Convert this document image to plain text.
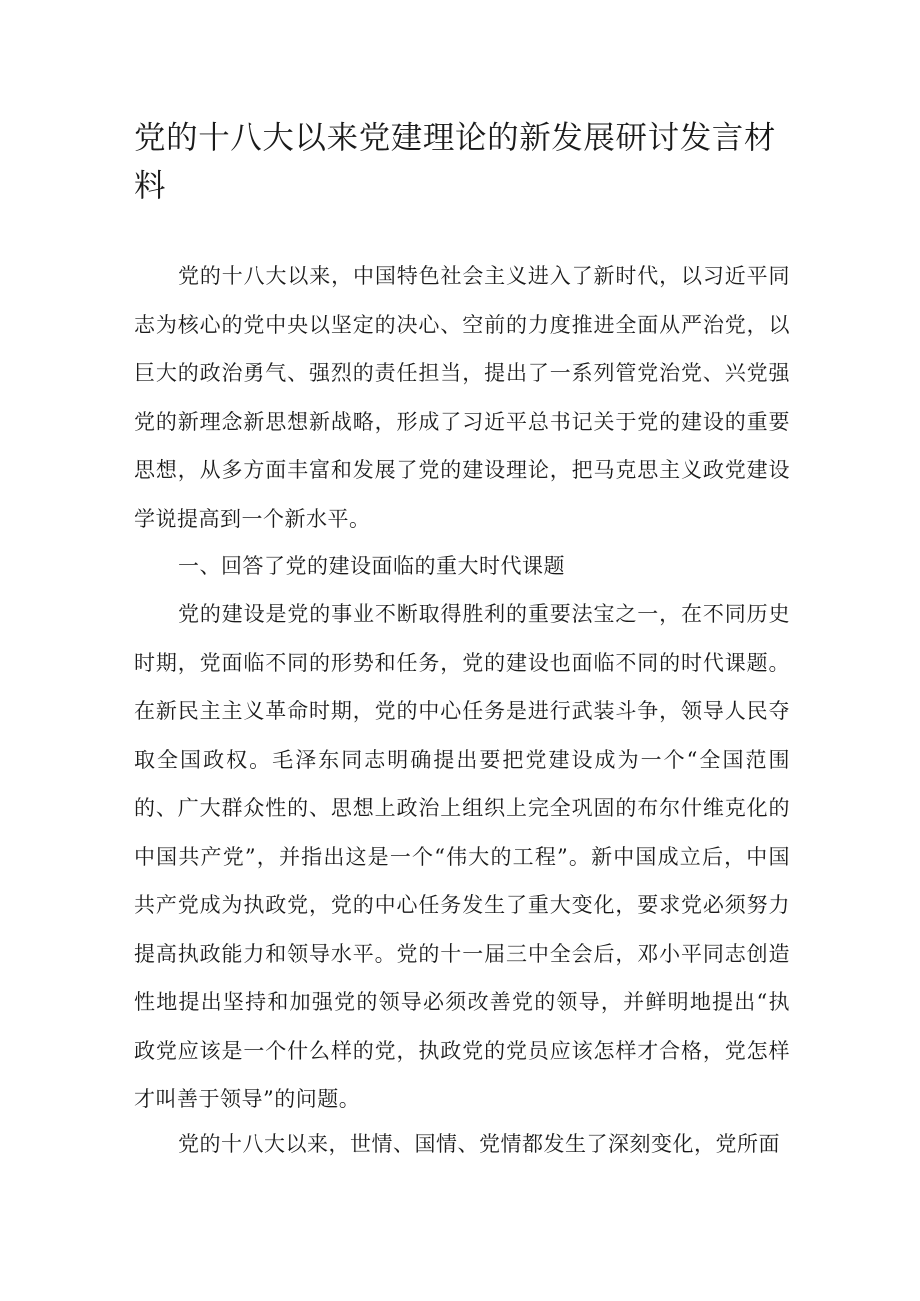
党的十八大以来党建理论的新发展研讨发言材料

党的十八大以来，中国特色社会主义进入了新时代，以习近平同志为核心的党中央以坚定的决心、空前的力度推进全面从严治党，以巨大的政治勇气、强烈的责任担当，提出了一系列管党治党、兴党强党的新理念新思想新战略，形成了习近平总书记关于党的建设的重要思想，从多方面丰富和发展了党的建设理论，把马克思主义政党建设学说提高到一个新水平。

一、回答了党的建设面临的重大时代课题

党的建设是党的事业不断取得胜利的重要法宝之一，在不同历史时期，党面临不同的形势和任务，党的建设也面临不同的时代课题。在新民主主义革命时期，党的中心任务是进行武装斗争，领导人民夺取全国政权。毛泽东同志明确提出要把党建设成为一个“全国范围的、广大群众性的、思想上政治上组织上完全巩固的布尔什维克化的中国共产党”，并指出这是一个“伟大的工程”。新中国成立后，中国共产党成为执政党，党的中心任务发生了重大变化，要求党必须努力提高执政能力和领导水平。党的十一届三中全会后，邓小平同志创造性地提出坚持和加强党的领导必须改善党的领导，并鲜明地提出“执政党应该是一个什么样的党，执政党的党员应该怎样才合格，党怎样才叫善于领导”的问题。

党的十八大以来，世情、国情、党情都发生了深刻变化，党所面
